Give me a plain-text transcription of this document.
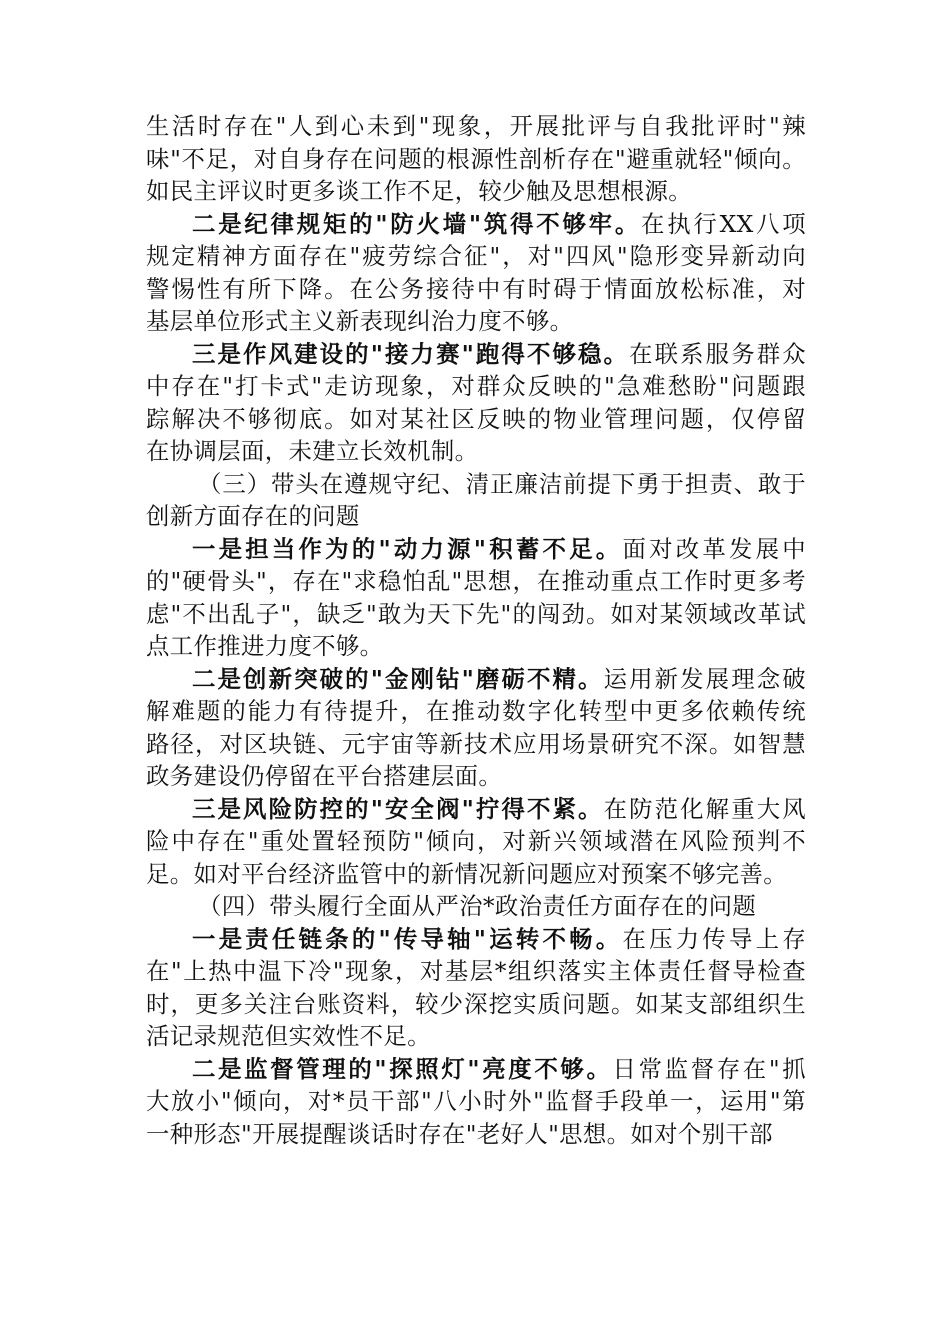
生活时存在"人到心未到"现象，开展批评与自我批评时"辣
味"不足，对自身存在问题的根源性剖析存在"避重就轻"倾向。
如民主评议时更多谈工作不足，较少触及思想根源。
二是纪律规矩的"防火墙"筑得不够牢。在执行XX八项
规定精神方面存在"疲劳综合征"，对"四风"隐形变异新动向
警惕性有所下降。在公务接待中有时碍于情面放松标准，对
基层单位形式主义新表现纠治力度不够。
三是作风建设的"接力赛"跑得不够稳。在联系服务群众
中存在"打卡式"走访现象，对群众反映的"急难愁盼"问题跟
踪解决不够彻底。如对某社区反映的物业管理问题，仅停留
在协调层面，未建立长效机制。
（三）带头在遵规守纪、清正廉洁前提下勇于担责、敢于
创新方面存在的问题
一是担当作为的"动力源"积蓄不足。面对改革发展中
的"硬骨头"，存在"求稳怕乱"思想，在推动重点工作时更多考
虑"不出乱子"，缺乏"敢为天下先"的闯劲。如对某领域改革试
点工作推进力度不够。
二是创新突破的"金刚钻"磨砺不精。运用新发展理念破
解难题的能力有待提升，在推动数字化转型中更多依赖传统
路径，对区块链、元宇宙等新技术应用场景研究不深。如智慧
政务建设仍停留在平台搭建层面。
三是风险防控的"安全阀"拧得不紧。在防范化解重大风
险中存在"重处置轻预防"倾向，对新兴领域潜在风险预判不
足。如对平台经济监管中的新情况新问题应对预案不够完善。
（四）带头履行全面从严治*政治责任方面存在的问题
一是责任链条的"传导轴"运转不畅。在压力传导上存
在"上热中温下冷"现象，对基层*组织落实主体责任督导检查
时，更多关注台账资料，较少深挖实质问题。如某支部组织生
活记录规范但实效性不足。
二是监督管理的"探照灯"亮度不够。日常监督存在"抓
大放小"倾向，对*员干部"八小时外"监督手段单一，运用"第
一种形态"开展提醒谈话时存在"老好人"思想。如对个别干部
